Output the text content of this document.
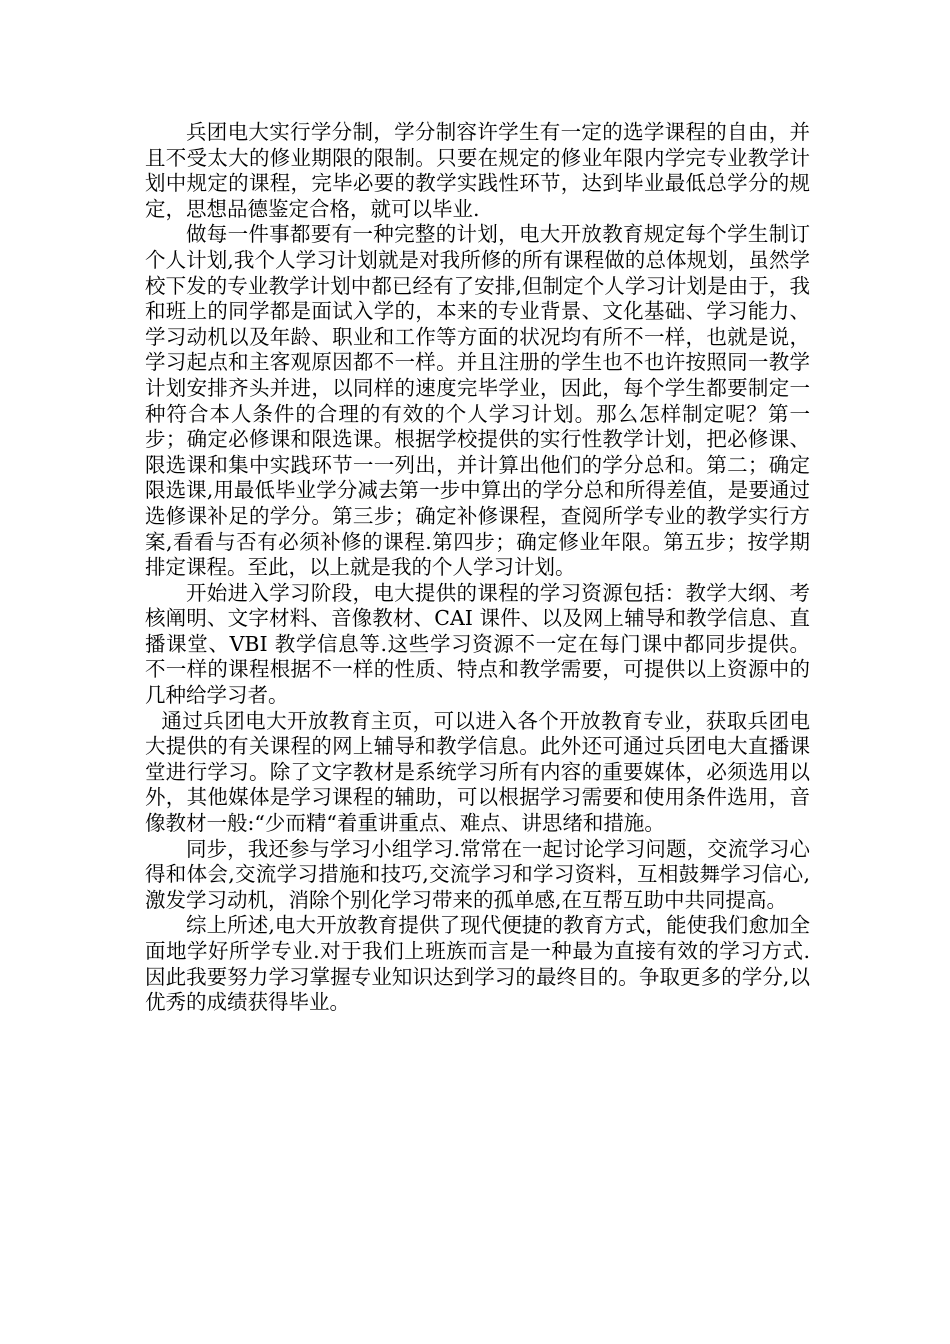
兵团电大实行学分制，学分制容许学生有一定的选学课程的自由，并且不受太大的修业期限的限制。只要在规定的修业年限内学完专业教学计划中规定的课程，完毕必要的教学实践性环节，达到毕业最低总学分的规定，思想品德鉴定合格，就可以毕业.

做每一件事都要有一种完整的计划，电大开放教育规定每个学生制订个人计划,我个人学习计划就是对我所修的所有课程做的总体规划，虽然学校下发的专业教学计划中都已经有了安排,但制定个人学习计划是由于，我和班上的同学都是面试入学的，本来的专业背景、文化基础、学习能力、学习动机以及年龄、职业和工作等方面的状况均有所不一样，也就是说，学习起点和主客观原因都不一样。并且注册的学生也不也许按照同一教学计划安排齐头并进，以同样的速度完毕学业，因此，每个学生都要制定一种符合本人条件的合理的有效的个人学习计划。那么怎样制定呢？第一步；确定必修课和限选课。根据学校提供的实行性教学计划，把必修课、限选课和集中实践环节一一列出，并计算出他们的学分总和。第二；确定限选课,用最低毕业学分减去第一步中算出的学分总和所得差值，是要通过选修课补足的学分。第三步；确定补修课程，查阅所学专业的教学实行方案,看看与否有必须补修的课程.第四步；确定修业年限。第五步；按学期排定课程。至此，以上就是我的个人学习计划。

开始进入学习阶段，电大提供的课程的学习资源包括：教学大纲、考核阐明、文字材料、音像教材、CAI 课件、以及网上辅导和教学信息、直播课堂、VBI 教学信息等.这些学习资源不一定在每门课中都同步提供。不一样的课程根据不一样的性质、特点和教学需要，可提供以上资源中的几种给学习者。

通过兵团电大开放教育主页，可以进入各个开放教育专业，获取兵团电大提供的有关课程的网上辅导和教学信息。此外还可通过兵团电大直播课堂进行学习。除了文字教材是系统学习所有内容的重要媒体，必须选用以外，其他媒体是学习课程的辅助，可以根据学习需要和使用条件选用，音像教材一般:“少而精“着重讲重点、难点、讲思绪和措施。

同步，我还参与学习小组学习.常常在一起讨论学习问题，交流学习心得和体会,交流学习措施和技巧,交流学习和学习资料，互相鼓舞学习信心,激发学习动机，消除个别化学习带来的孤单感,在互帮互助中共同提高。

综上所述,电大开放教育提供了现代便捷的教育方式，能使我们愈加全面地学好所学专业.对于我们上班族而言是一种最为直接有效的学习方式.因此我要努力学习掌握专业知识达到学习的最终目的。争取更多的学分,以优秀的成绩获得毕业。
